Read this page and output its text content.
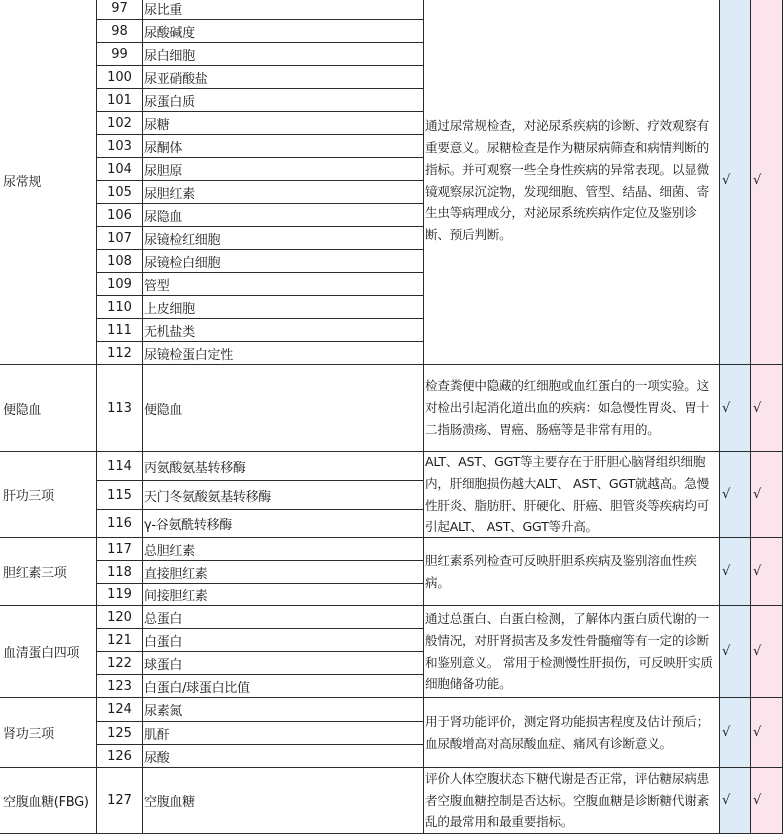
尿常规
97	尿比重
98	尿酸碱度
99	尿白细胞
100 尿亚硝酸盐
101 尿蛋白质
102 尿糖
103 尿酮体
104 尿胆原
105 尿胆红素
106 尿隐血
107 尿镜检红细胞
108 尿镜检白细胞
109 管型
110 上皮细胞
111 无机盐类
112 尿镜检蛋白定性
通过尿常规检查，对泌尿系疾病的诊断、疗效观察有重要意义。尿糖检查是作为糖尿病筛查和病情判断的指标。并可观察一些全身性疾病的异常表现。以显微镜观察尿沉淀物，发现细胞、管型、结晶、细菌、寄生虫等病理成分，对泌尿系统疾病作定位及鉴别诊断、预后判断。
√	√
便隐血	113 便隐血
检查粪便中隐藏的红细胞或血红蛋白的一项实验。这对检出引起消化道出血的疾病：如急慢性胃炎、胃十二指肠溃疡、胃癌、肠癌等是非常有用的。
√	√
肝功三项
114 丙氨酸氨基转移酶
115 天门冬氨酸氨基转移酶
116 γ-谷氨酰转移酶
ALT、AST、GGT等主要存在于肝胆心脑肾组织细胞内，肝细胞损伤越大ALT、 AST、GGT就越高。急慢性肝炎、脂肪肝、肝硬化、肝癌、胆管炎等疾病均可引起ALT、 AST、GGT等升高。
√	√
胆红素三项
117 总胆红素
118 直接胆红素
119 间接胆红素
胆红素系列检查可反映肝胆系疾病及鉴别溶血性疾病。
√	√
血清蛋白四项
120 总蛋白
121 白蛋白
122 球蛋白
123 白蛋白/球蛋白比值
通过总蛋白、白蛋白检测，了解体内蛋白质代谢的一般情况，对肝肾损害及多发性骨髓瘤等有一定的诊断和鉴别意义。 常用于检测慢性肝损伤，可反映肝实质细胞储备功能。
√	√
肾功三项
124 尿素氮
125 肌酐
126 尿酸
用于肾功能评价，测定肾功能损害程度及估计预后；血尿酸增高对高尿酸血症、痛风有诊断意义。
√	√
空腹血糖(FBG)	127 空腹血糖
评价人体空腹状态下糖代谢是否正常，评估糖尿病患者空腹血糖控制是否达标。空腹血糖是诊断糖代谢紊乱的最常用和最重要指标。
√	√
